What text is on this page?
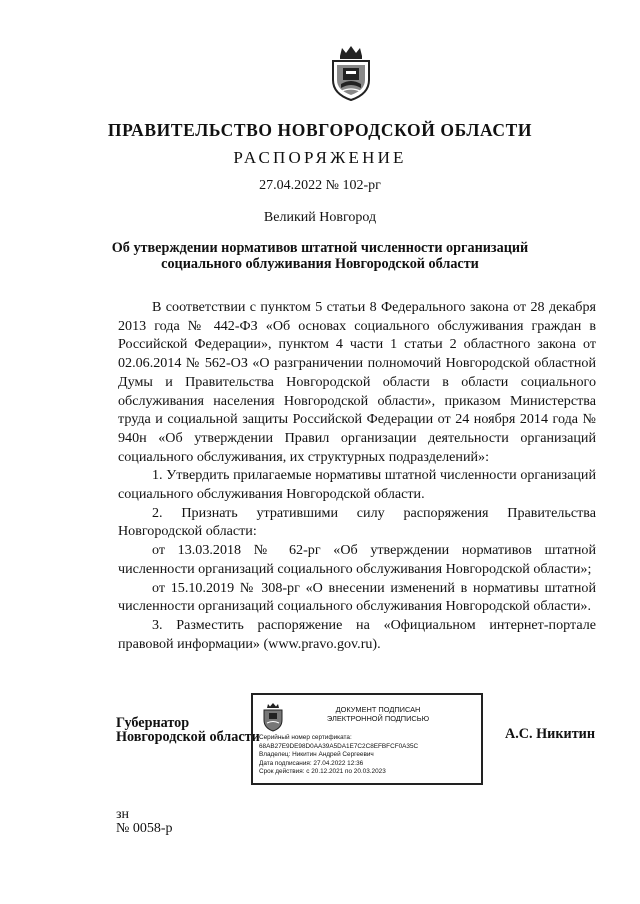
ПРАВИТЕЛЬСТВО НОВГОРОДСКОЙ ОБЛАСТИ
РАСПОРЯЖЕНИЕ
27.04.2022 № 102-рг
Великий Новгород
Об утверждении нормативов штатной численности организаций
социального облуживания Новгородской области

В соответствии с пунктом 5 статьи 8 Федерального закона от 28 декабря 2013 года № 442-ФЗ «Об основах социального обслуживания граждан в Российской Федерации», пунктом 4 части 1 статьи 2 областного закона от 02.06.2014 № 562-ОЗ «О разграничении полномочий Новгородской областной Думы и Правительства Новгородской области в области социального обслуживания населения Новгородской области», приказом Министерства труда и социальной защиты Российской Федерации от 24 ноября 2014 года № 940н «Об утверждении Правил организации деятельности организаций социального обслуживания, их структурных подразделений»:

1. Утвердить прилагаемые нормативы штатной численности организаций социального обслуживания Новгородской области.

2. Признать утратившими силу распоряжения Правительства Новгородской области:

от 13.03.2018 № 62-рг «Об утверждении нормативов штатной численности организаций социального обслуживания Новгородской области»;

от 15.10.2019 № 308-рг «О внесении изменений в нормативы штатной численности организаций социального обслуживания Новгородской области».

3. Разместить распоряжение на «Официальном интернет-портале правовой информации» (www.pravo.gov.ru).

Губернатор
Новгородской области
ДОКУМЕНТ ПОДПИСАН
ЭЛЕКТРОННОЙ ПОДПИСЬЮ
Серийный номер сертификата:
68AB27E9DE98D0AA39A5DA1E7C2C8EFBFCF0A35C
Владелец: Никитин Андрей Сергеевич
Дата подписания: 27.04.2022 12:36
Срок действия: с 20.12.2021 по 20.03.2023
А.С. Никитин
зн
№ 0058-р
